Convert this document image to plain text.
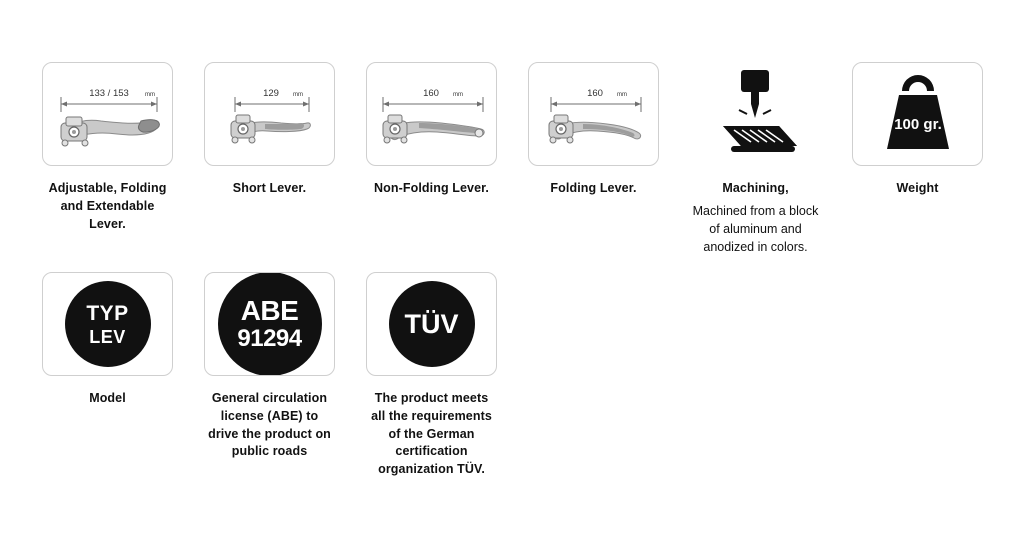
133 / 153	mm
Adjustable, Folding and Extendable Lever.
129 mm
Short Lever.
160 mm
Non-Folding Lever.
160 mm
Folding Lever.	Machining,
Machined from a block of aluminum and anodized in colors.
100 gr.
Weight
TYP
LEV
Model
ABE
91294
General circulation license (ABE) to drive the product on public roads
TÜV
The product meets all the requirements of the German certification organization TÜV.
